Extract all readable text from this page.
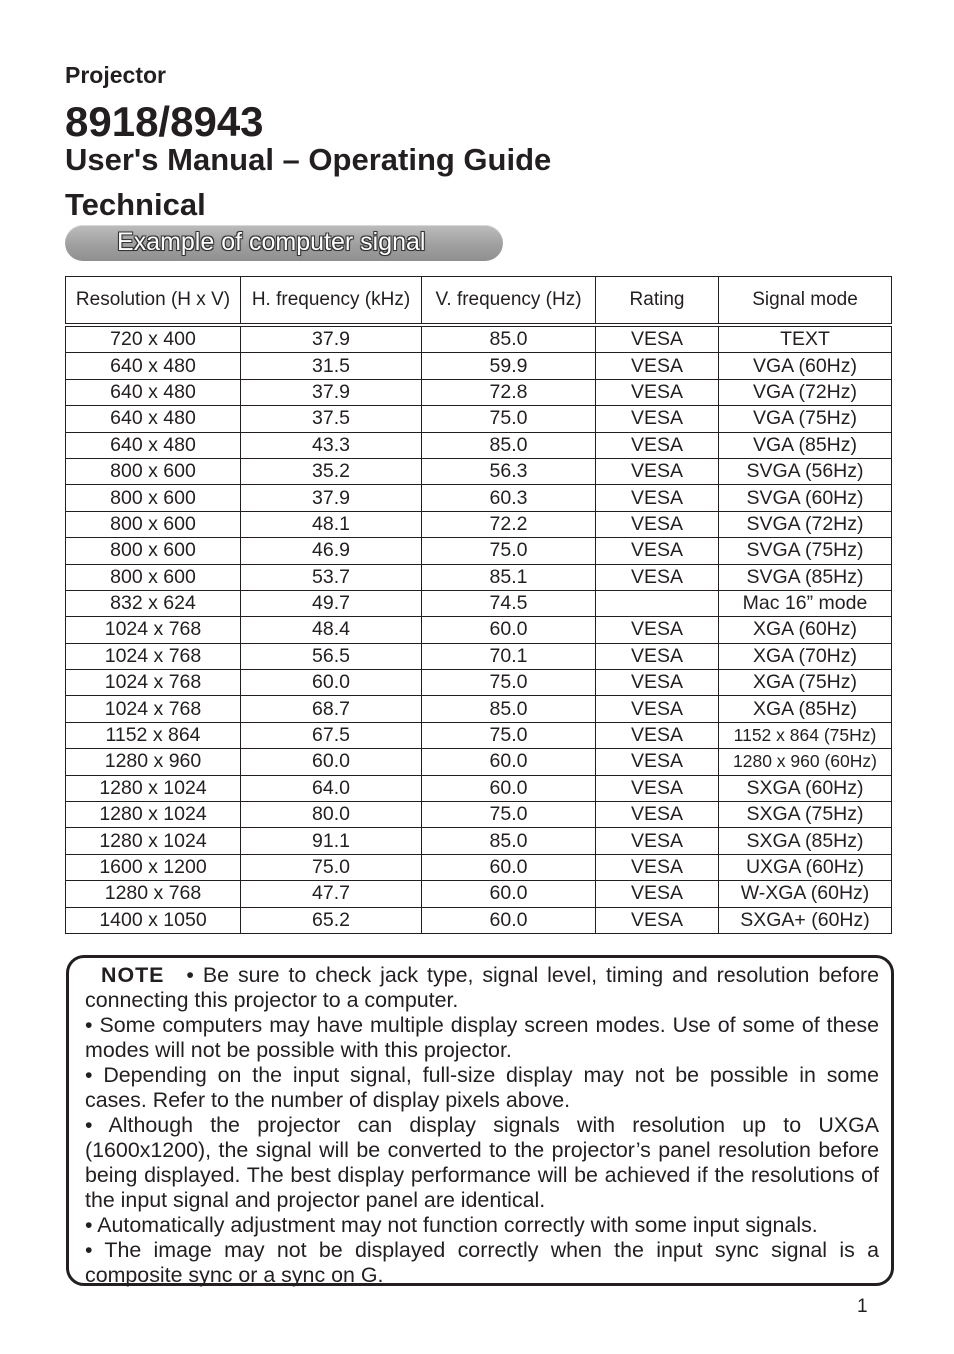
Projector
8918/8943
User's Manual – Operating Guide
Technical
Example of computer signal
Resolution (H x V)	H. frequency (kHz)	V. frequency (Hz)	Rating	Signal mode
720 x 400	37.9	85.0	VESA	TEXT
640 x 480	31.5	59.9	VESA	VGA (60Hz)
640 x 480	37.9	72.8	VESA	VGA (72Hz)
640 x 480	37.5	75.0	VESA	VGA (75Hz)
640 x 480	43.3	85.0	VESA	VGA (85Hz)
800 x 600	35.2	56.3	VESA	SVGA (56Hz)
800 x 600	37.9	60.3	VESA	SVGA (60Hz)
800 x 600	48.1	72.2	VESA	SVGA (72Hz)
800 x 600	46.9	75.0	VESA	SVGA (75Hz)
800 x 600	53.7	85.1	VESA	SVGA (85Hz)
832 x 624	49.7	74.5		Mac 16” mode
1024 x 768	48.4	60.0	VESA	XGA (60Hz)
1024 x 768	56.5	70.1	VESA	XGA (70Hz)
1024 x 768	60.0	75.0	VESA	XGA (75Hz)
1024 x 768	68.7	85.0	VESA	XGA (85Hz)
1152 x 864	67.5	75.0	VESA	1152 x 864 (75Hz)
1280 x 960	60.0	60.0	VESA	1280 x 960 (60Hz)
1280 x 1024	64.0	60.0	VESA	SXGA (60Hz)
1280 x 1024	80.0	75.0	VESA	SXGA (75Hz)
1280 x 1024	91.1	85.0	VESA	SXGA (85Hz)
1600 x 1200	75.0	60.0	VESA	UXGA (60Hz)
1280 x 768	47.7	60.0	VESA	W-XGA (60Hz)
1400 x 1050	65.2	60.0	VESA	SXGA+ (60Hz)

NOTE • Be sure to check jack type, signal level, timing and resolution before connecting this projector to a computer.

• Some computers may have multiple display screen modes. Use of some of these modes will not be possible with this projector.

• Depending on the input signal, full-size display may not be possible in some cases. Refer to the number of display pixels above.

• Although the projector can display signals with resolution up to UXGA (1600x1200), the signal will be converted to the projector’s panel resolution before being displayed. The best display performance will be achieved if the resolutions of the input signal and projector panel are identical.

• Automatically adjustment may not function correctly with some input signals.

• The image may not be displayed correctly when the input sync signal is a composite sync or a sync on G.

1
